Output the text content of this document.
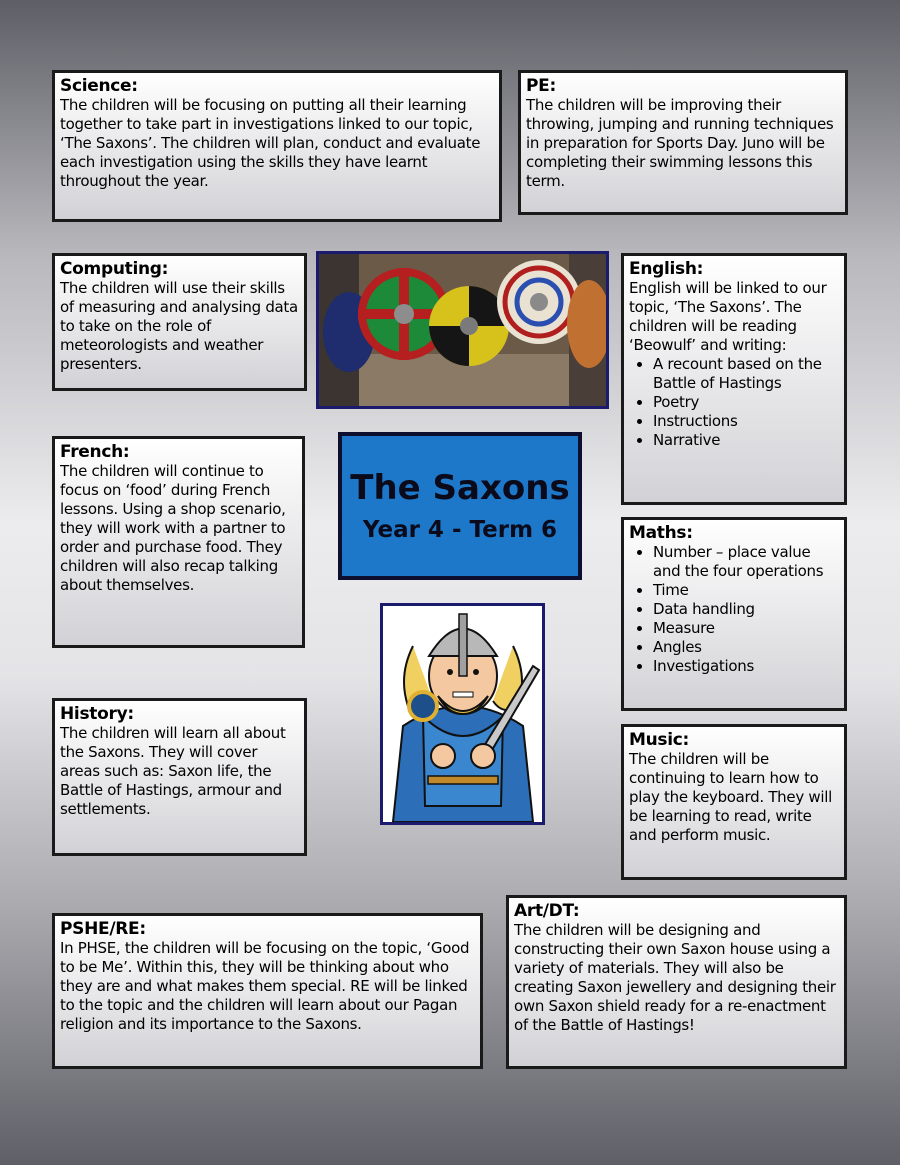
Science:
The children will be focusing on putting all their learning together to take part in investigations linked to our topic, ‘The Saxons’. The children will plan, conduct and evaluate each investigation using the skills they have learnt throughout the year.
PE:
The children will be improving their throwing, jumping and running techniques in preparation for Sports Day. Juno will be completing their swimming lessons this term.
Computing:
The children will use their skills of measuring and analysing data to take on the role of meteorologists and weather presenters.
English:
English will be linked to our topic, ‘The Saxons’. The children will be reading ‘Beowulf’ and writing:
• A recount based on the Battle of Hastings
• Poetry
• Instructions
• Narrative
The Saxons
Year 4 - Term 6
French:
The children will continue to focus on ‘food’ during French lessons. Using a shop scenario, they will work with a partner to order and purchase food. They children will also recap talking about themselves.
Maths:
• Number – place value and the four operations
• Time
• Data handling
• Measure
• Angles
• Investigations
History:
The children will learn all about the Saxons. They will cover areas such as: Saxon life, the Battle of Hastings, armour and settlements.
Music:
The children will be continuing to learn how to play the keyboard. They will be learning to read, write and perform music.
Art/DT:
The children will be designing and constructing their own Saxon house using a variety of materials. They will also be creating Saxon jewellery and designing their own Saxon shield ready for a re-enactment of the Battle of Hastings!
PSHE/RE:
In PHSE, the children will be focusing on the topic, ‘Good to be Me’. Within this, they will be thinking about who they are and what makes them special. RE will be linked to the topic and the children will learn about our Pagan religion and its importance to the Saxons.
